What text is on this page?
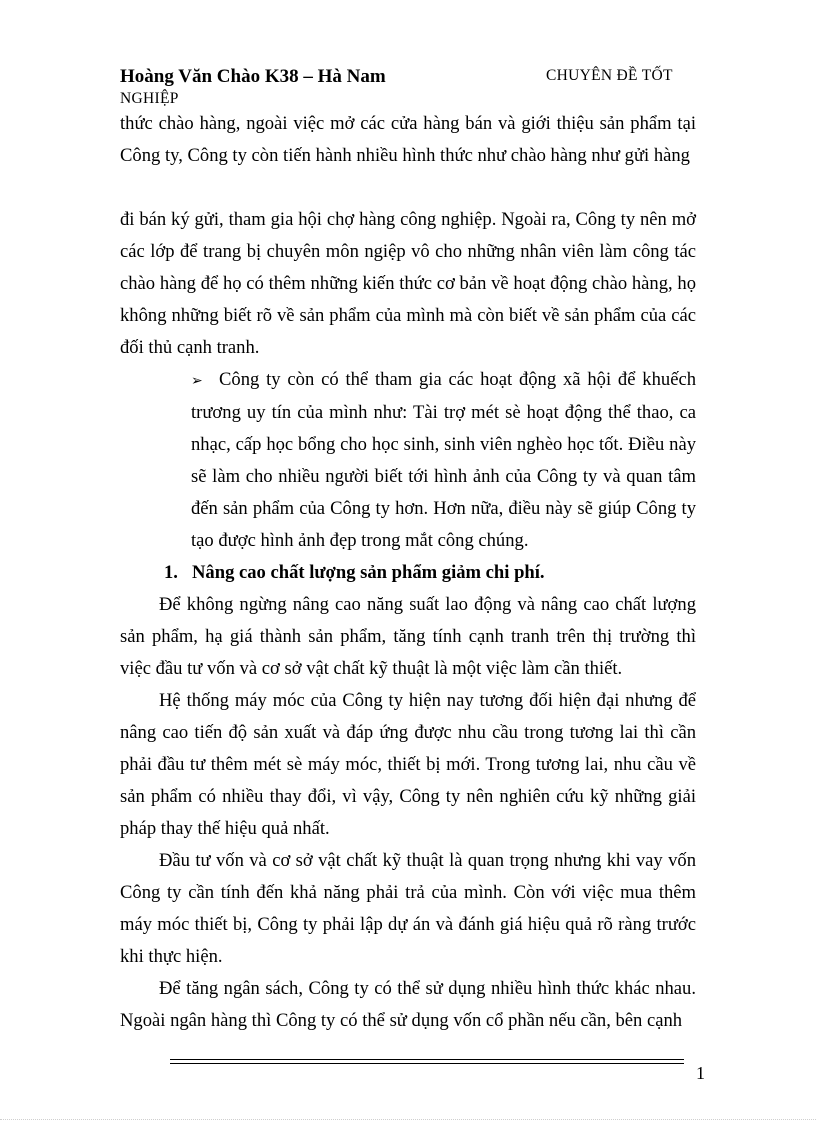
Hoàng Văn Chào K38 – Hà Nam	CHUYÊN ĐỀ TỐT
NGHIỆP

thức chào hàng, ngoài việc mở các cửa hàng bán và giới thiệu sản phẩm tại Công ty, Công ty còn tiến hành nhiều hình thức như chào hàng như gửi hàng

đi bán ký gửi, tham gia hội chợ hàng công nghiệp. Ngoài ra, Công ty nên mở các lớp để trang bị chuyên môn ngiệp vô cho những nhân viên làm công tác chào hàng để họ có thêm những kiến thức cơ bản về hoạt động chào hàng, họ không những biết rõ về sản phẩm của mình mà còn biết về sản phẩm của các đối thủ cạnh tranh.

➢ Công ty còn có thể tham gia các hoạt động xã hội để khuếch trương uy tín của mình như: Tài trợ mét sè hoạt động thể thao, ca nhạc, cấp học bổng cho học sinh, sinh viên nghèo học tốt. Điều này sẽ làm cho nhiều người biết tới hình ảnh của Công ty và quan tâm đến sản phẩm của Công ty hơn. Hơn nữa, điều này sẽ giúp Công ty tạo được hình ảnh đẹp trong mắt công chúng.

1. Nâng cao chất lượng sản phẩm giảm chi phí.

Để không ngừng nâng cao năng suất lao động và nâng cao chất lượng sản phẩm, hạ giá thành sản phẩm, tăng tính cạnh tranh trên thị trường thì việc đầu tư vốn và cơ sở vật chất kỹ thuật là một việc làm cần thiết.

Hệ thống máy móc của Công ty hiện nay tương đối hiện đại nhưng để nâng cao tiến độ sản xuất và đáp ứng được nhu cầu trong tương lai thì cần phải đầu tư thêm mét sè máy móc, thiết bị mới. Trong tương lai, nhu cầu về sản phẩm có nhiều thay đổi, vì vậy, Công ty nên nghiên cứu kỹ những giải pháp thay thế hiệu quả nhất.

Đầu tư vốn và cơ sở vật chất kỹ thuật là quan trọng nhưng khi vay vốn Công ty cần tính đến khả năng phải trả của mình. Còn với việc mua thêm máy móc thiết bị, Công ty phải lập dự án và đánh giá hiệu quả rõ ràng trước khi thực hiện.

Để tăng ngân sách, Công ty có thể sử dụng nhiều hình thức khác nhau. Ngoài ngân hàng thì Công ty có thể sử dụng vốn cổ phần nếu cần, bên cạnh

1
